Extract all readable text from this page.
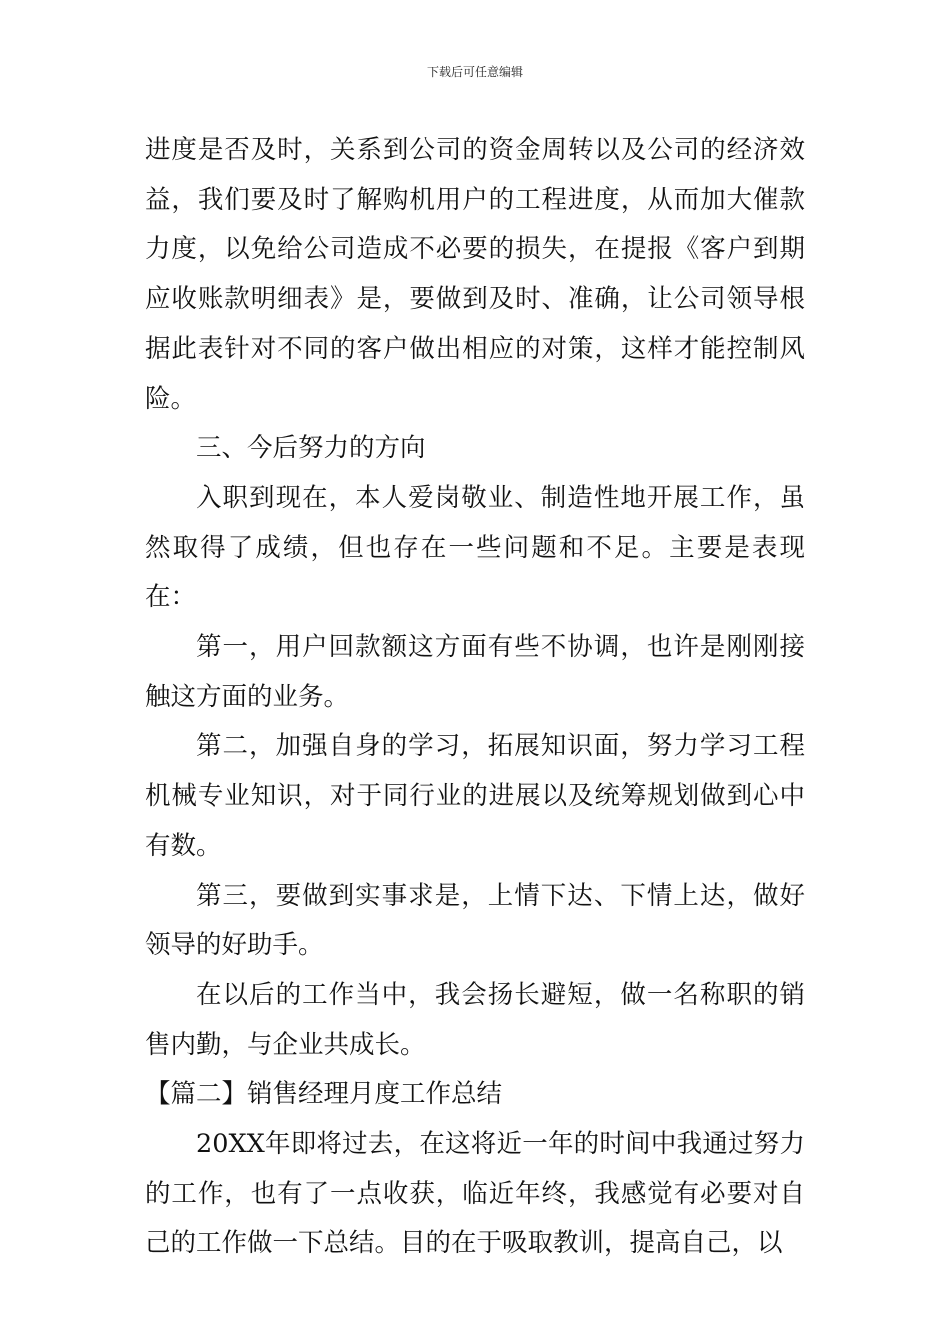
下载后可任意编辑

进度是否及时，关系到公司的资金周转以及公司的经济效益，我们要及时了解购机用户的工程进度，从而加大催款力度，以免给公司造成不必要的损失，在提报《客户到期应收账款明细表》是，要做到及时、准确，让公司领导根据此表针对不同的客户做出相应的对策，这样才能控制风险。

三、今后努力的方向

入职到现在，本人爱岗敬业、制造性地开展工作，虽然取得了成绩，但也存在一些问题和不足。主要是表现在：

第一，用户回款额这方面有些不协调，也许是刚刚接触这方面的业务。

第二，加强自身的学习，拓展知识面，努力学习工程机械专业知识，对于同行业的进展以及统筹规划做到心中有数。

第三，要做到实事求是，上情下达、下情上达，做好领导的好助手。

在以后的工作当中，我会扬长避短，做一名称职的销售内勤，与企业共成长。

【篇二】销售经理月度工作总结

20XX年即将过去，在这将近一年的时间中我通过努力的工作，也有了一点收获，临近年终，我感觉有必要对自己的工作做一下总结。目的在于吸取教训，提高自己，以
